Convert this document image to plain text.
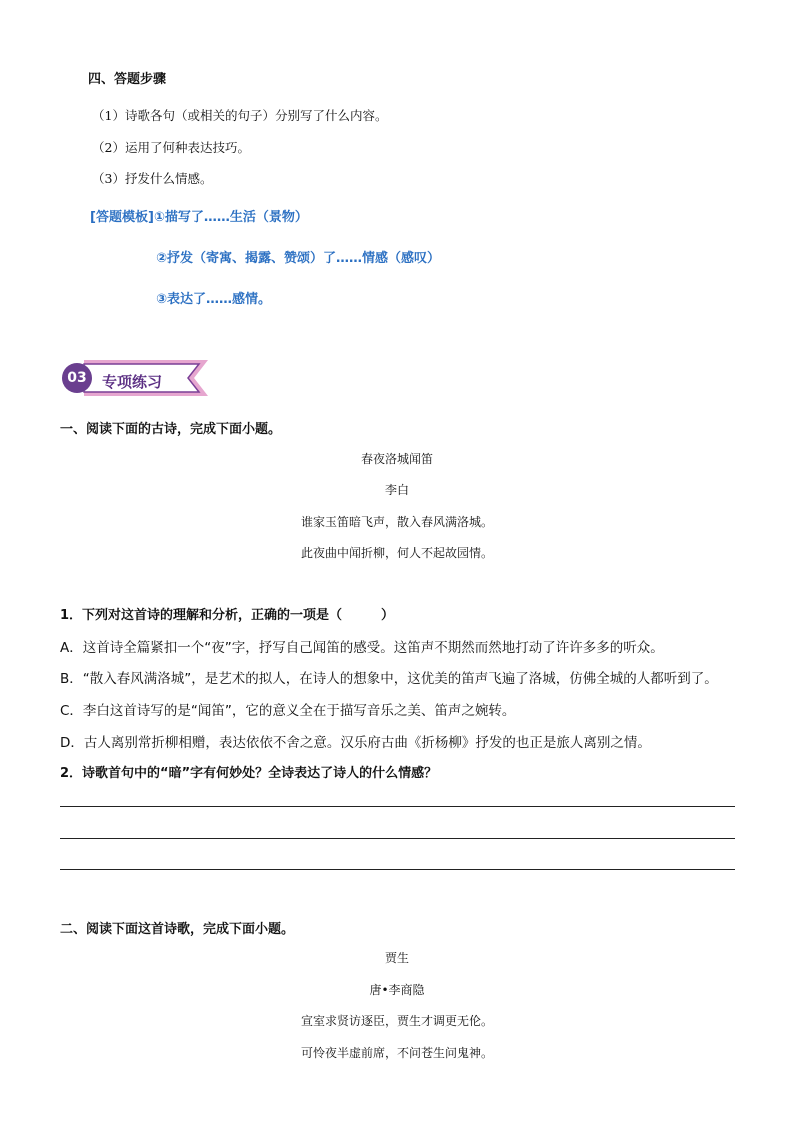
四、答题步骤
（1）诗歌各句（或相关的句子）分别写了什么内容。
（2）运用了何种表达技巧。
（3）抒发什么情感。
[答题模板]①描写了……生活（景物）
②抒发（寄寓、揭露、赞颂）了……情感（感叹）
③表达了……感情。
03	专项练习
一、阅读下面的古诗，完成下面小题。
春夜洛城闻笛
李白
谁家玉笛暗飞声，散入春风满洛城。
此夜曲中闻折柳，何人不起故园情。
1．下列对这首诗的理解和分析，正确的一项是（　　　）
A．这首诗全篇紧扣一个“夜”字，抒写自己闻笛的感受。这笛声不期然而然地打动了许许多多的听众。
B．“散入春风满洛城”，是艺术的拟人，在诗人的想象中，这优美的笛声飞遍了洛城，仿佛全城的人都听到了。
C．李白这首诗写的是“闻笛”，它的意义全在于描写音乐之美、笛声之婉转。
D．古人离别常折柳相赠，表达依依不舍之意。汉乐府古曲《折杨柳》抒发的也正是旅人离别之情。
2．诗歌首句中的“暗”字有何妙处？全诗表达了诗人的什么情感？
二、阅读下面这首诗歌，完成下面小题。
贾生
唐•李商隐
宣室求贤访逐臣，贾生才调更无伦。
可怜夜半虚前席，不问苍生问鬼神。
